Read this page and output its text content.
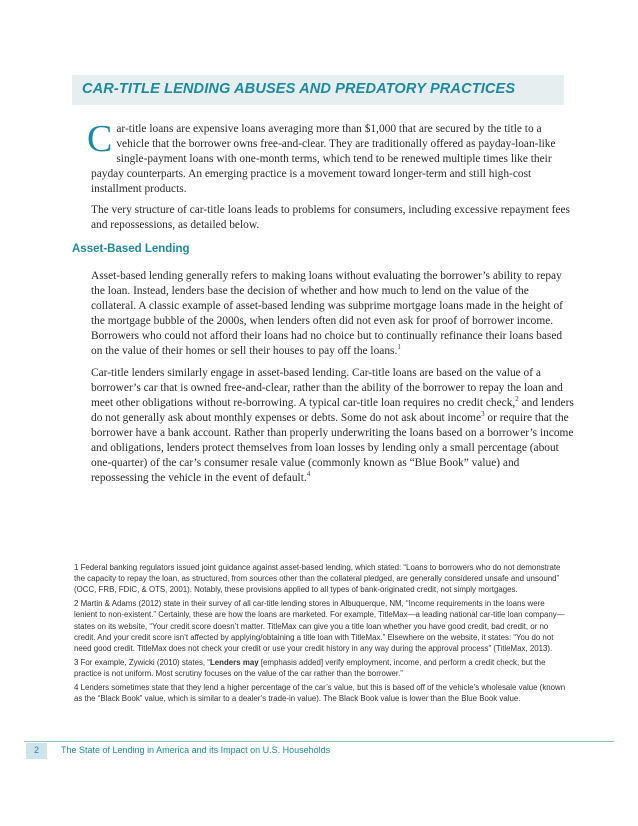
CAR-TITLE LENDING ABUSES AND PREDATORY PRACTICES

Car-title loans are expensive loans averaging more than $1,000 that are secured by the title to a vehicle that the borrower owns free-and-clear. They are traditionally offered as payday-loan-like single-payment loans with one-month terms, which tend to be renewed multiple times like their payday counterparts. An emerging practice is a movement toward longer-term and still high-cost installment products.

The very structure of car-title loans leads to problems for consumers, including excessive repayment fees and repossessions, as detailed below.

Asset-Based Lending

Asset-based lending generally refers to making loans without evaluating the borrower’s ability to repay the loan. Instead, lenders base the decision of whether and how much to lend on the value of the collateral. A classic example of asset-based lending was subprime mortgage loans made in the height of the mortgage bubble of the 2000s, when lenders often did not even ask for proof of borrower income. Borrowers who could not afford their loans had no choice but to continually refinance their loans based on the value of their homes or sell their houses to pay off the loans.$^1$

Car-title lenders similarly engage in asset-based lending. Car-title loans are based on the value of a borrower’s car that is owned free-and-clear, rather than the ability of the borrower to repay the loan and meet other obligations without re-borrowing. A typical car-title loan requires no credit check,$^2$ and lenders do not generally ask about monthly expenses or debts. Some do not ask about income$^3$ or require that the borrower have a bank account. Rather than properly underwriting the loans based on a borrower’s income and obligations, lenders protect themselves from loan losses by lending only a small percentage (about one-quarter) of the car’s consumer resale value (commonly known as “Blue Book” value) and repossessing the vehicle in the event of default.$^4$

1 Federal banking regulators issued joint guidance against asset-based lending, which stated: “Loans to borrowers who do not demonstrate the capacity to repay the loan, as structured, from sources other than the collateral pledged, are generally considered unsafe and unsound” (OCC, FRB, FDIC, & OTS, 2001). Notably, these provisions applied to all types of bank-originated credit, not simply mortgages.

2 Martin & Adams (2012) state in their survey of all car-title lending stores in Albuquerque, NM, “Income requirements in the loans were lenient to non-existent.” Certainly, these are how the loans are marketed. For example, TitleMax—a leading national car-title loan company—states on its website, “Your credit score doesn’t matter. TitleMax can give you a title loan whether you have good credit, bad credit, or no credit. And your credit score isn’t affected by applying/obtaining a title loan with TitleMax.” Elsewhere on the website, it states: “You do not need good credit. TitleMax does not check your credit or use your credit history in any way during the approval process” (TitleMax, 2013).

3 For example, Zywicki (2010) states, “Lenders may [emphasis added] verify employment, income, and perform a credit check, but the practice is not uniform. Most scrutiny focuses on the value of the car rather than the borrower.”

4 Lenders sometimes state that they lend a higher percentage of the car’s value, but this is based off of the vehicle’s wholesale value (known as the “Black Book” value, which is similar to a dealer’s trade-in value). The Black Book value is lower than the Blue Book value.

2	The State of Lending in America and its Impact on U.S. Households
